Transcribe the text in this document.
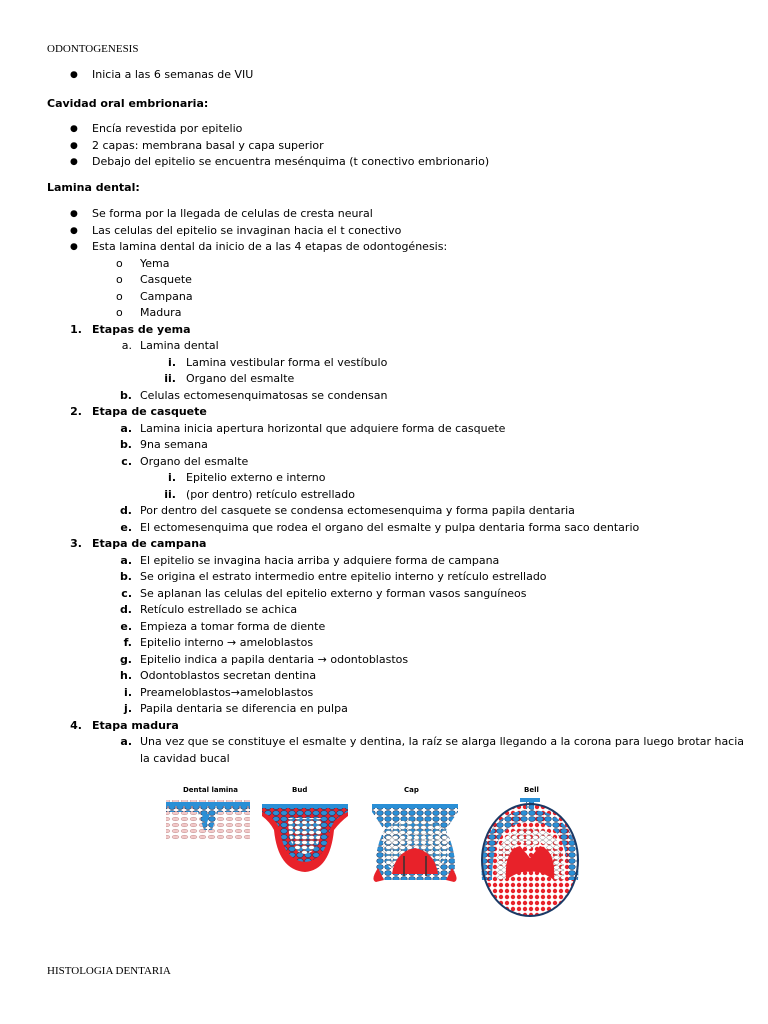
ODONTOGENESIS
● Inicia a las 6 semanas de VIU
Cavidad oral embrionaria:
● Encía revestida por epitelio
● 2 capas: membrana basal y capa superior
● Debajo del epitelio se encuentra mesénquima (t conectivo embrionario)
Lamina dental:
● Se forma por la llegada de celulas de cresta neural
● Las celulas del epitelio se invaginan hacia el t conectivo
● Esta lamina dental da inicio de a las 4 etapas de odontogénesis:
o Yema
o Casquete
o Campana
o Madura
1. Etapas de yema
a. Lamina dental
i. Lamina vestibular forma el vestíbulo
ii. Organo del esmalte
b. Celulas ectomesenquimatosas se condensan
2. Etapa de casquete
a. Lamina inicia apertura horizontal que adquiere forma de casquete
b. 9na semana
c. Organo del esmalte
i. Epitelio externo e interno
ii. (por dentro) retículo estrellado
d. Por dentro del casquete se condensa ectomesenquima y forma papila dentaria
e. El ectomesenquima que rodea el organo del esmalte y pulpa dentaria forma saco dentario
3. Etapa de campana
a. El epitelio se invagina hacia arriba y adquiere forma de campana
b. Se origina el estrato intermedio entre epitelio interno y retículo estrellado
c. Se aplanan las celulas del epitelio externo y forman vasos sanguíneos
d. Retículo estrellado se achica
e. Empieza a tomar forma de diente
f. Epitelio interno → ameloblastos
g. Epitelio indica a papila dentaria → odontoblastos
h. Odontoblastos secretan dentina
i. Preameloblastos→ameloblastos
j. Papila dentaria se diferencia en pulpa
4. Etapa madura
a. Una vez que se constituye el esmalte y dentina, la raíz se alarga llegando a la corona para luego brotar hacia
la cavidad bucal
HISTOLOGIA DENTARIA
Dental lamina	Bud	Cap	Bell
